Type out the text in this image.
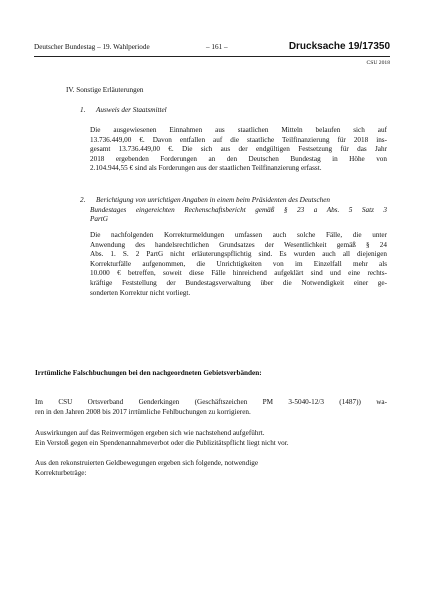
Deutscher Bundestag – 19. Wahlperiode	– 161 –	Drucksache 19/17350
CSU 2018
IV. Sonstige Erläuterungen
1. Ausweis der Staatsmittel
Die ausgewiesenen Einnahmen aus staatlichen Mitteln belaufen sich auf
13.736.449,00 €. Davon entfallen auf die staatliche Teilfinanzierung für 2018 ins-
gesamt 13.736.449,00 €. Die sich aus der endgültigen Festsetzung für das Jahr
2018 ergebenden Forderungen an den Deutschen Bundestag in Höhe von
2.104.944,55 € sind als Forderungen aus der staatlichen Teilfinanzierung erfasst.
2. Berichtigung von unrichtigen Angaben in einem beim Präsidenten des Deutschen
Bundestages eingereichten Rechenschaftsbericht gemäß § 23 a Abs. 5 Satz 3
PartG
Die nachfolgenden Korrekturmeldungen umfassen auch solche Fälle, die unter
Anwendung des handelsrechtlichen Grundsatzes der Wesentlichkeit gemäß § 24
Abs. 1. S. 2 PartG nicht erläuterungspflichtig sind. Es wurden auch all diejenigen
Korrekturfälle aufgenommen, die Unrichtigkeiten von im Einzelfall mehr als
10.000 € betreffen, soweit diese Fälle hinreichend aufgeklärt sind und eine rechts-
kräftige Feststellung der Bundestagsverwaltung über die Notwendigkeit einer ge-
sonderten Korrektur nicht vorliegt.
Irrtümliche Falschbuchungen bei den nachgeordneten Gebietsverbänden:
Im CSU Ortsverband Genderkingen (Geschäftszeichen PM 3-5040-12/3 (1487)) wa-
ren in den Jahren 2008 bis 2017 irrtümliche Fehlbuchungen zu korrigieren.
Auswirkungen auf das Reinvermögen ergeben sich wie nachstehend aufgeführt.
Ein Verstoß gegen ein Spendenannahmeverbot oder die Publizitätspflicht liegt nicht vor.
Aus den rekonstruierten Geldbewegungen ergeben sich folgende, notwendige
Korrekturbeträge:
